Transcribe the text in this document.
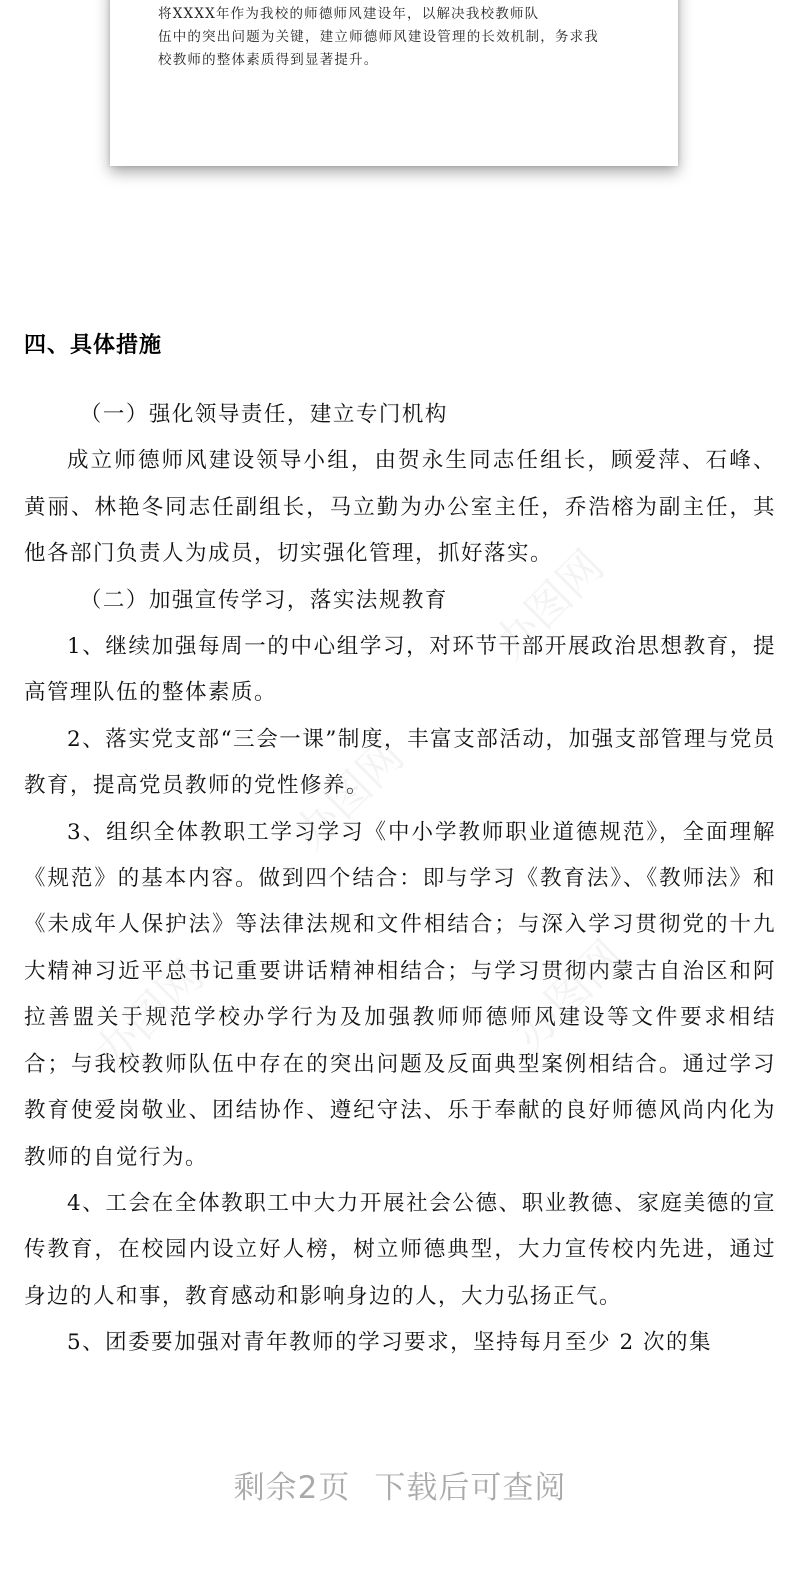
将XXXX年作为我校的师德师风建设年，以解决我校教师队
伍中的突出问题为关键，建立师德师风建设管理的长效机制，务求我
校教师的整体素质得到显著提升。
四、具体措施

（一）强化领导责任，建立专门机构

成立师德师风建设领导小组，由贺永生同志任组长，顾爱萍、石峰、黄丽、林艳冬同志任副组长，马立勤为办公室主任，乔浩榕为副主任，其他各部门负责人为成员，切实强化管理，抓好落实。

（二）加强宣传学习，落实法规教育

1、继续加强每周一的中心组学习，对环节干部开展政治思想教育，提高管理队伍的整体素质。

2、落实党支部“三会一课”制度，丰富支部活动，加强支部管理与党员教育，提高党员教师的党性修养。

3、组织全体教职工学习学习《中小学教师职业道德规范》，全面理解《规范》的基本内容。做到四个结合：即与学习《教育法》、《教师法》和《未成年人保护法》等法律法规和文件相结合；与深入学习贯彻党的十九大精神习近平总书记重要讲话精神相结合；与学习贯彻内蒙古自治区和阿拉善盟关于规范学校办学行为及加强教师师德师风建设等文件要求相结合；与我校教师队伍中存在的突出问题及反面典型案例相结合。通过学习教育使爱岗敬业、团结协作、遵纪守法、乐于奉献的良好师德风尚内化为教师的自觉行为。

4、工会在全体教职工中大力开展社会公德、职业教德、家庭美德的宣传教育，在校园内设立好人榜，树立师德典型，大力宣传校内先进，通过身边的人和事，教育感动和影响身边的人，大力弘扬正气。

5、团委要加强对青年教师的学习要求，坚持每月至少 2 次的集

办图网
办图网
办图网	办图网
剩余2页 下载后可查阅
